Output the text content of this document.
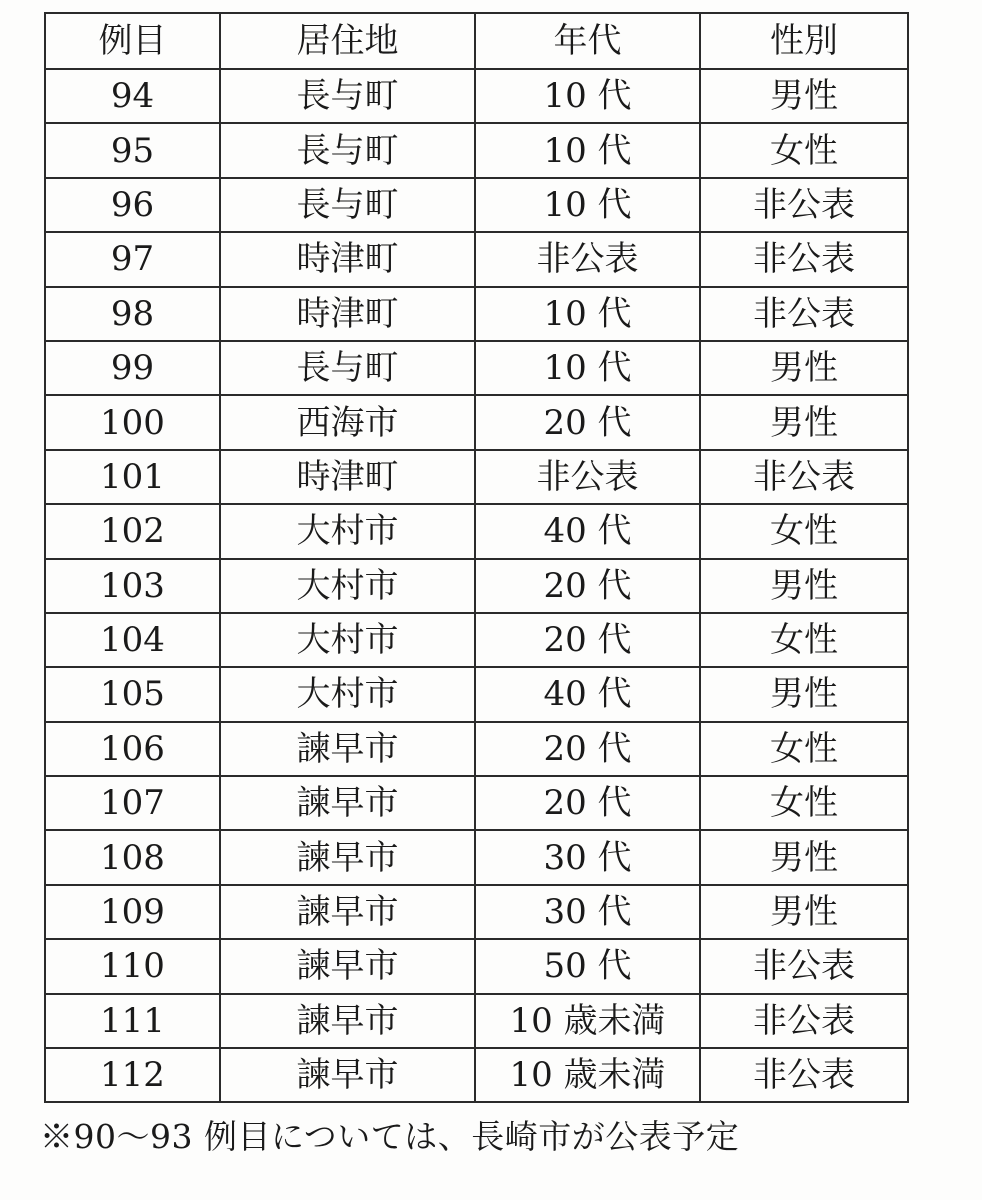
例目	居住地	年代	性別
94	長与町	10 代	男性
95	長与町	10 代	女性
96	長与町	10 代	非公表
97	時津町	非公表	非公表
98	時津町	10 代	非公表
99	長与町	10 代	男性
100	西海市	20 代	男性
101	時津町	非公表	非公表
102	大村市	40 代	女性
103	大村市	20 代	男性
104	大村市	20 代	女性
105	大村市	40 代	男性
106	諫早市	20 代	女性
107	諫早市	20 代	女性
108	諫早市	30 代	男性
109	諫早市	30 代	男性
110	諫早市	50 代	非公表
111	諫早市	10 歳未満	非公表
112	諫早市	10 歳未満	非公表
※90〜93 例目については、長崎市が公表予定
